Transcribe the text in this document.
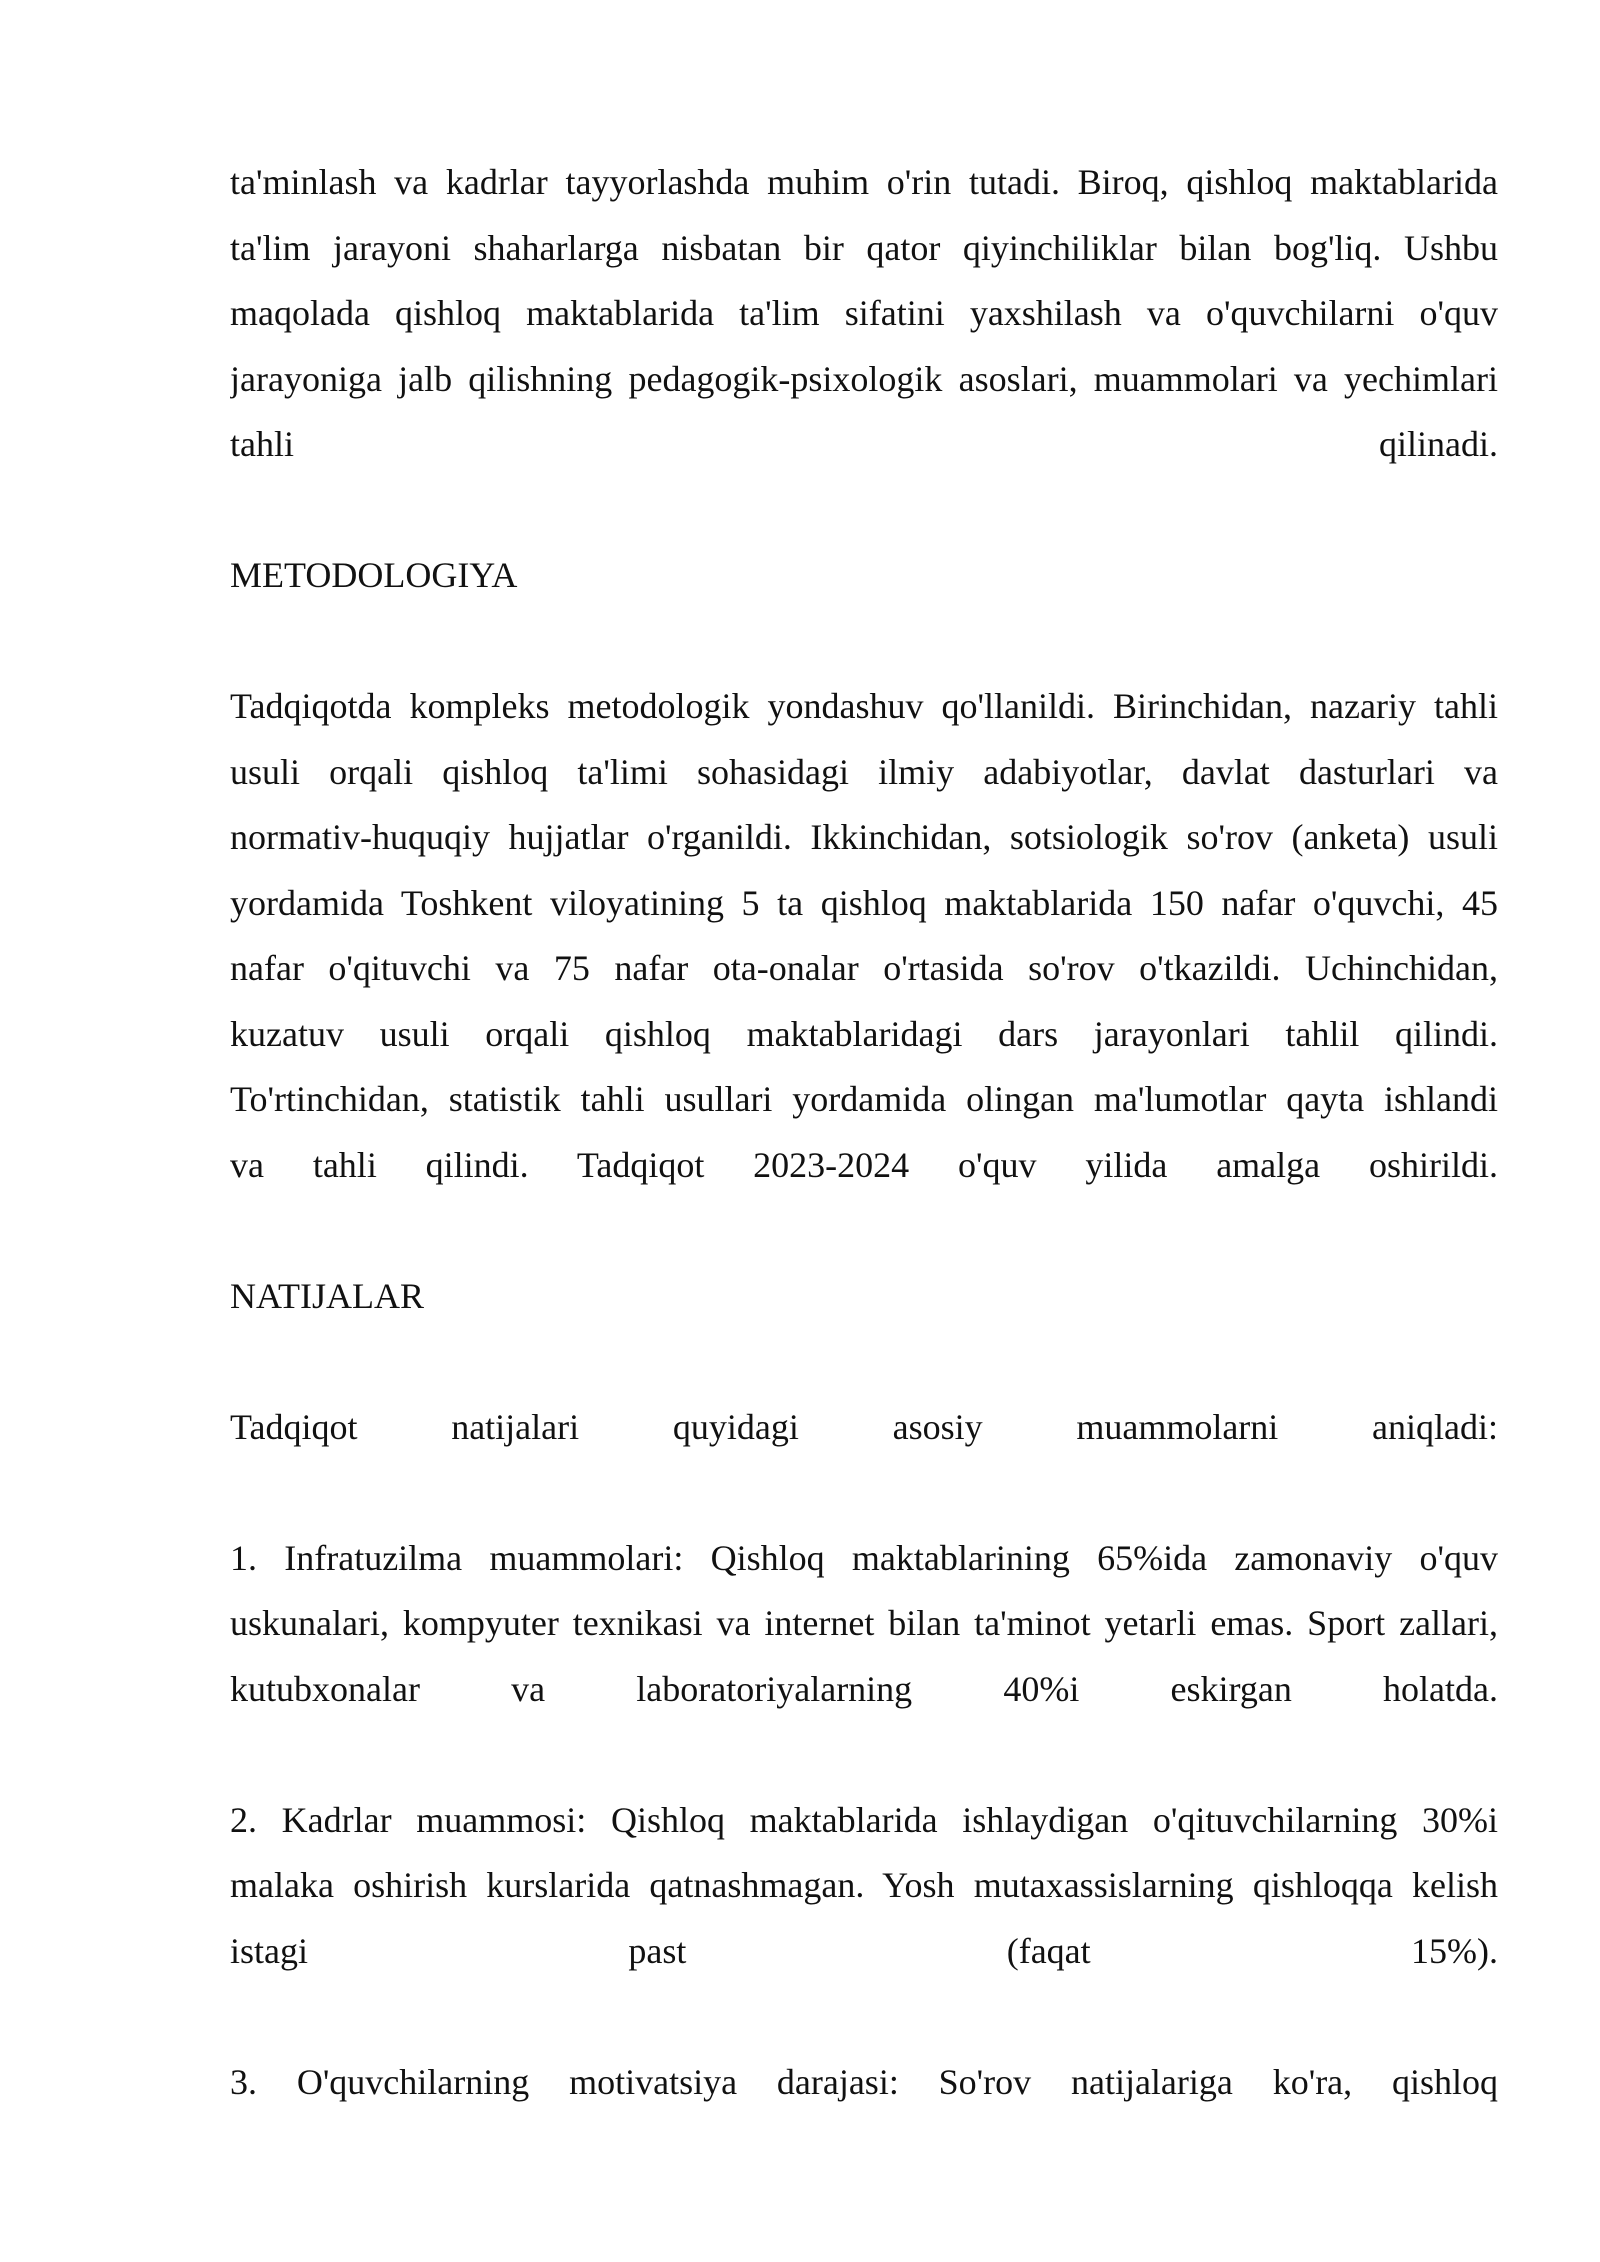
ta'minlash va kadrlar tayyorlashda muhim o'rin tutadi. Biroq, qishloq maktablarida
ta'lim jarayoni shaharlarga nisbatan bir qator qiyinchiliklar bilan bog'liq. Ushbu
maqolada qishloq maktablarida ta'lim sifatini yaxshilash va o'quvchilarni o'quv
jarayoniga jalb qilishning pedagogik-psixologik asoslari, muammolari va yechimlari
tahli qilinadi.
METODOLOGIYA
Tadqiqotda kompleks metodologik yondashuv qo'llanildi. Birinchidan, nazariy tahli
usuli orqali qishloq ta'limi sohasidagi ilmiy adabiyotlar, davlat dasturlari va
normativ-huquqiy hujjatlar o'rganildi. Ikkinchidan, sotsiologik so'rov (anketa) usuli
yordamida Toshkent viloyatining 5 ta qishloq maktablarida 150 nafar o'quvchi, 45
nafar o'qituvchi va 75 nafar ota-onalar o'rtasida so'rov o'tkazildi. Uchinchidan,
kuzatuv usuli orqali qishloq maktablaridagi dars jarayonlari tahlil qilindi.
To'rtinchidan, statistik tahli usullari yordamida olingan ma'lumotlar qayta ishlandi
va tahli qilindi. Tadqiqot 2023-2024 o'quv yilida amalga oshirildi.
NATIJALAR
Tadqiqot natijalari quyidagi asosiy muammolarni aniqladi:
1. Infratuzilma muammolari: Qishloq maktablarining 65%ida zamonaviy o'quv
uskunalari, kompyuter texnikasi va internet bilan ta'minot yetarli emas. Sport zallari,
kutubxonalar va laboratoriyalarning 40%i eskirgan holatda.
2. Kadrlar muammosi: Qishloq maktablarida ishlaydigan o'qituvchilarning 30%i
malaka oshirish kurslarida qatnashmagan. Yosh mutaxassislarning qishloqqa kelish
istagi past (faqat 15%).
3. O'quvchilarning motivatsiya darajasi: So'rov natijalariga ko'ra, qishloq
